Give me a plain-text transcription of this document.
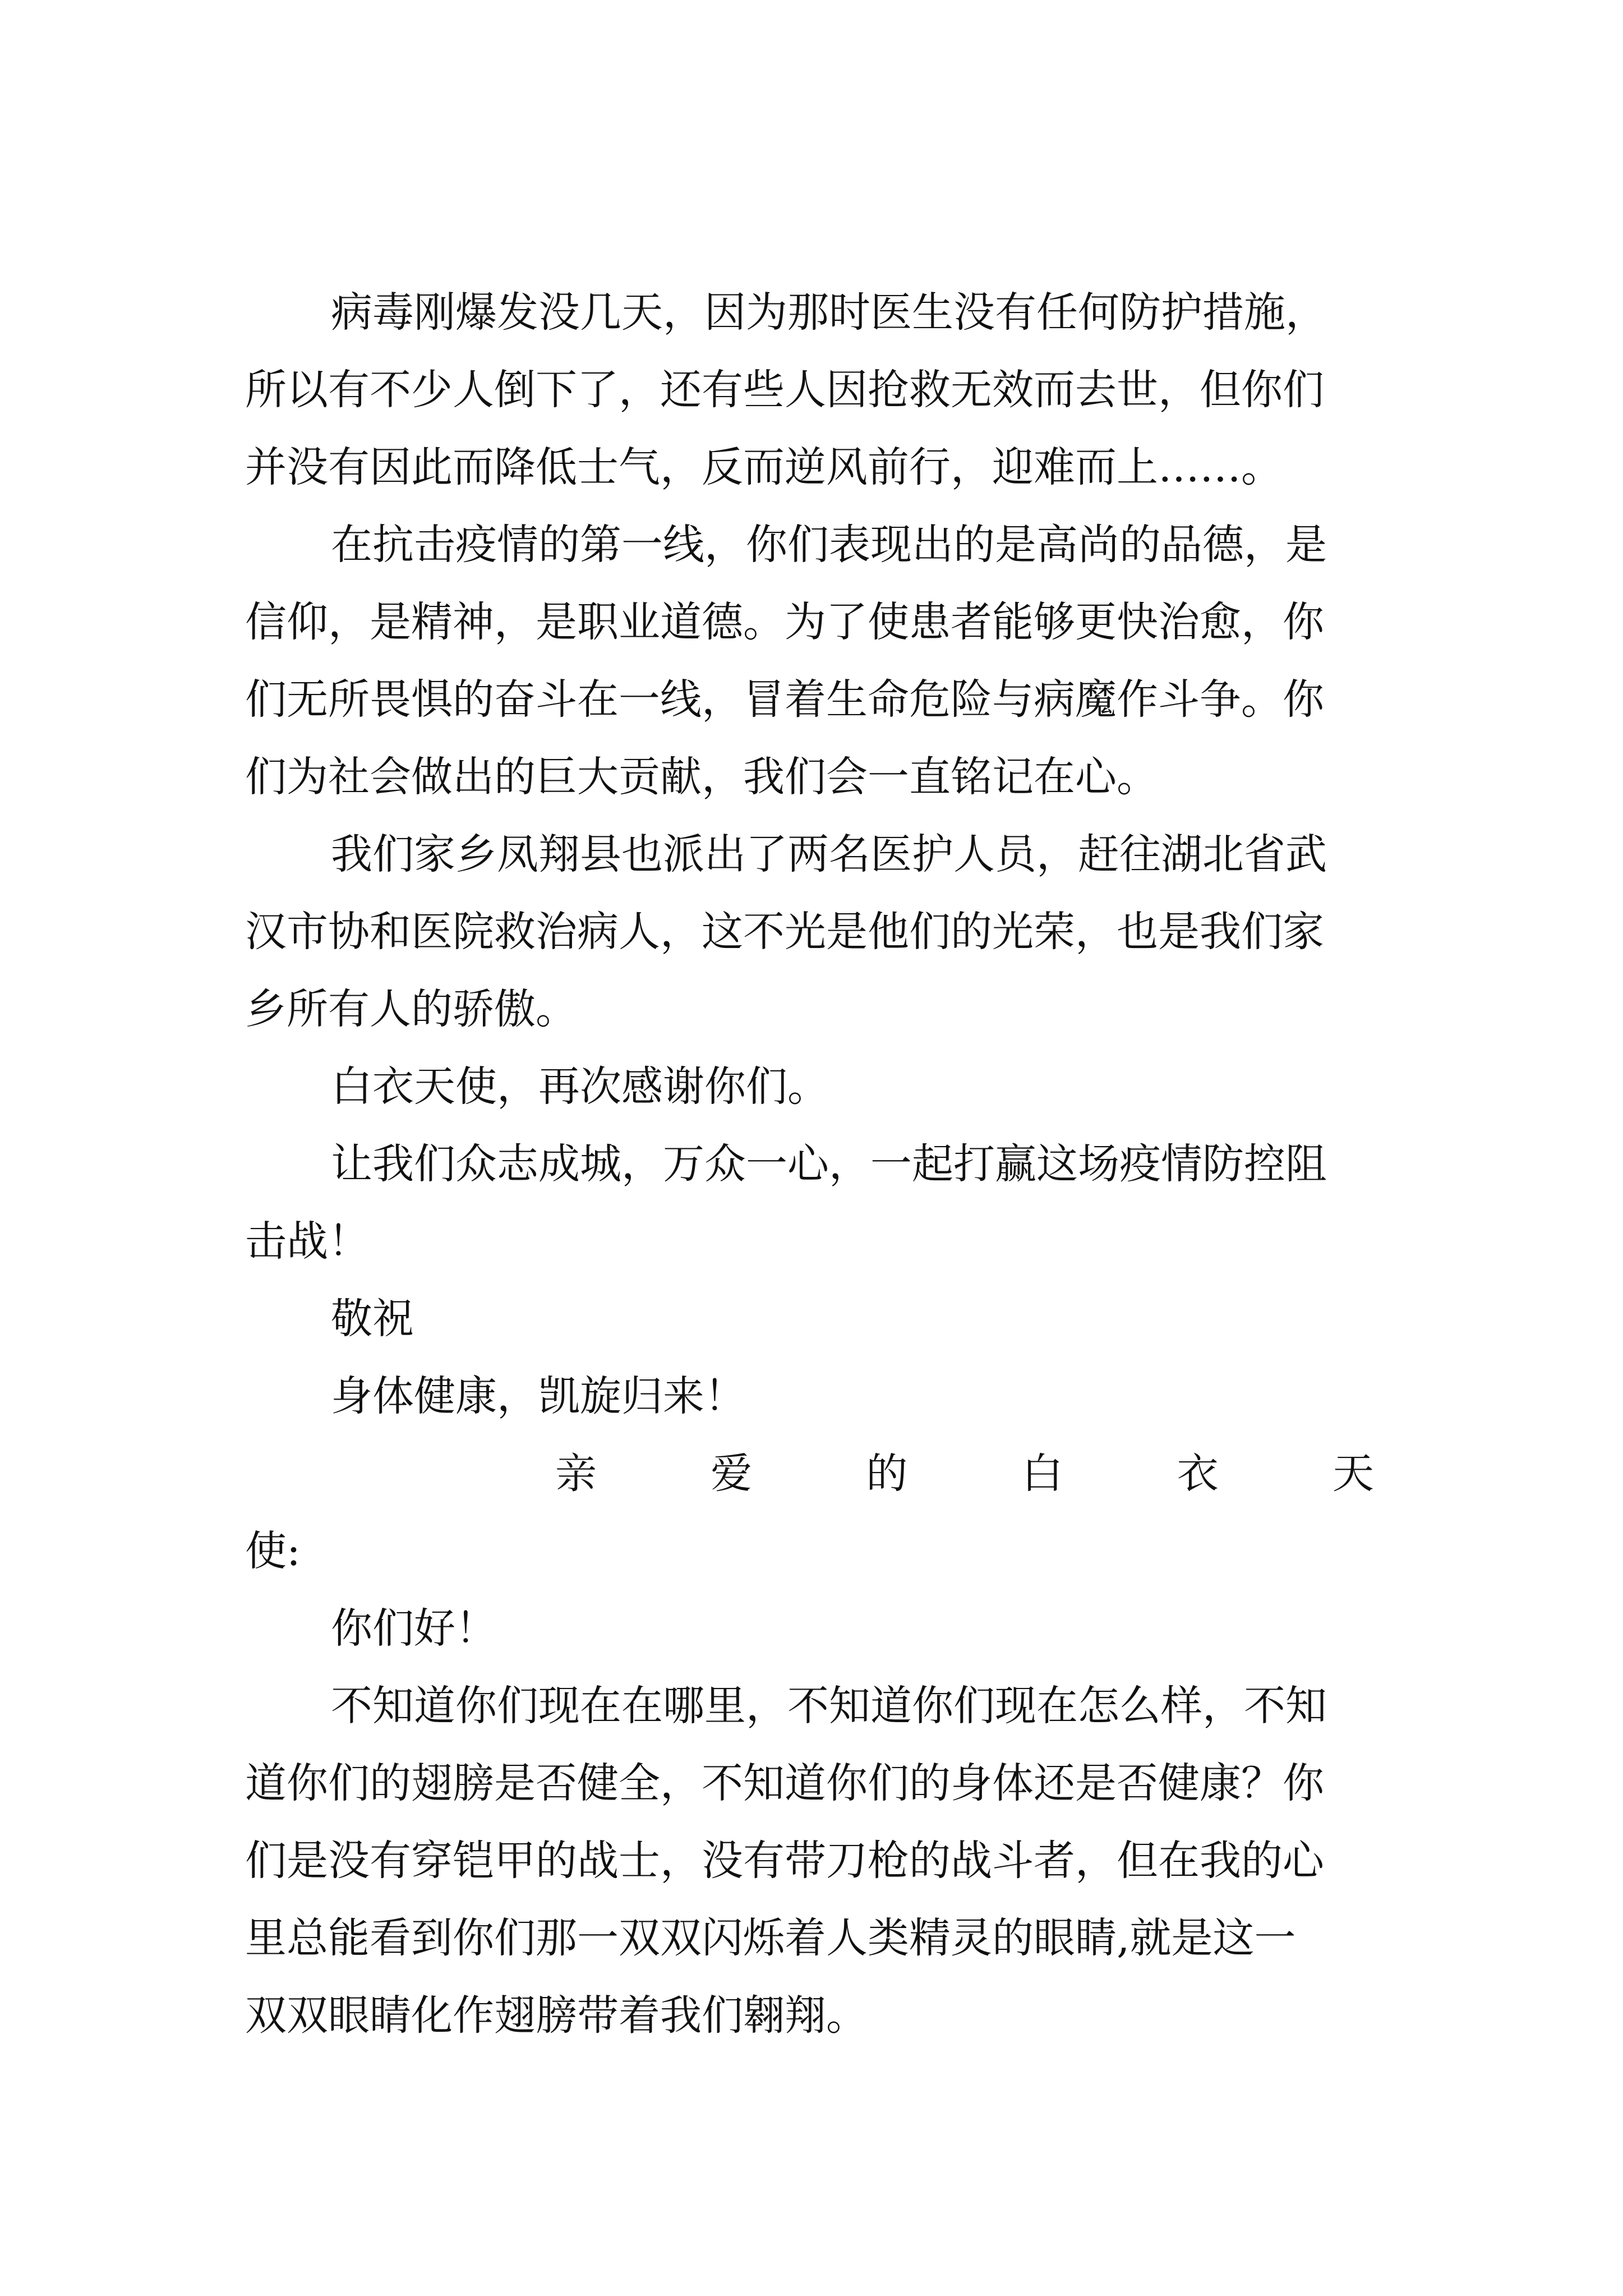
病毒刚爆发没几天，因为那时医生没有任何防护措施，
所以有不少人倒下了，还有些人因抢救无效而去世，但你们
并没有因此而降低士气，反而逆风前行，迎难而上……。
在抗击疫情的第一线，你们表现出的是高尚的品德，是
信仰，是精神，是职业道德。为了使患者能够更快治愈，你
们无所畏惧的奋斗在一线，冒着生命危险与病魔作斗争。你
们为社会做出的巨大贡献，我们会一直铭记在心。
我们家乡凤翔县也派出了两名医护人员，赶往湖北省武
汉市协和医院救治病人，这不光是他们的光荣，也是我们家
乡所有人的骄傲。
白衣天使，再次感谢你们。
让我们众志成城，万众一心，一起打赢这场疫情防控阻
击战！
敬祝
身体健康，凯旋归来！
亲	爱	的	白	衣	天
使:
你们好！
不知道你们现在在哪里，不知道你们现在怎么样，不知
道你们的翅膀是否健全，不知道你们的身体还是否健康？你
们是没有穿铠甲的战士，没有带刀枪的战斗者，但在我的心
里总能看到你们那一双双闪烁着人类精灵的眼睛,就是这一
双双眼睛化作翅膀带着我们翱翔。
